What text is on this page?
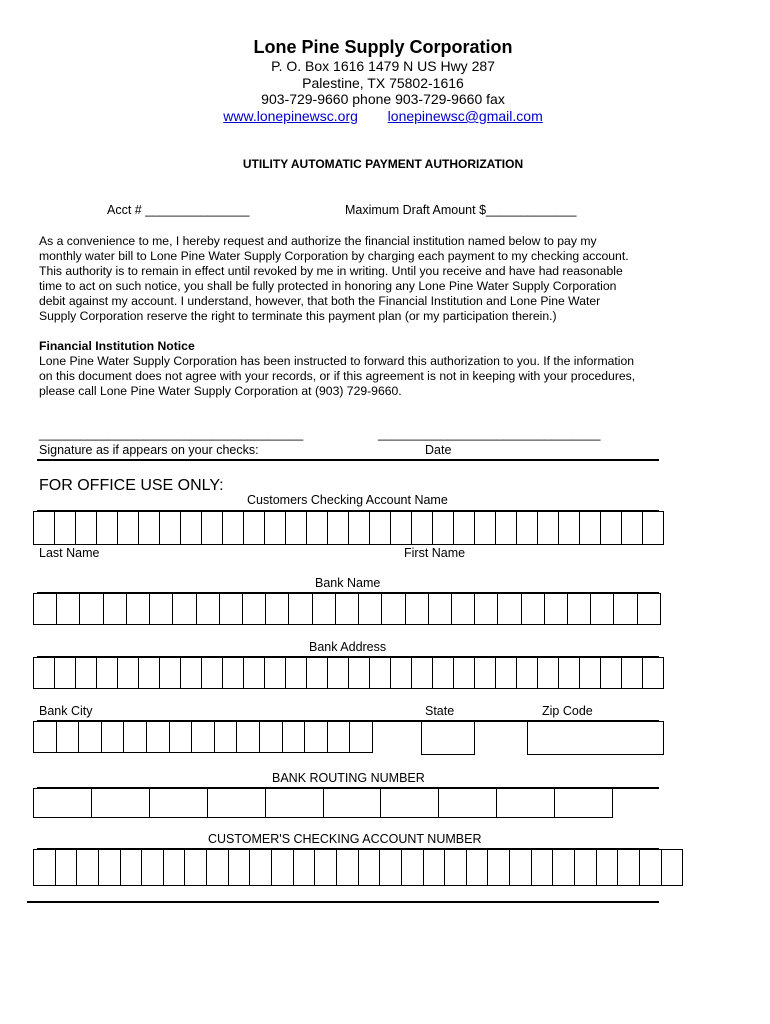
Lone Pine Supply Corporation
P. O. Box 1616 1479 N US Hwy 287
Palestine, TX 75802-1616
903-729-9660 phone 903-729-9660 fax
www.lonepinewsc.org lonepinewsc@gmail.com
UTILITY AUTOMATIC PAYMENT AUTHORIZATION
Acct # _______________	Maximum Draft Amount $_____________
As a convenience to me, I hereby request and authorize the financial institution named below to pay my
monthly water bill to Lone Pine Water Supply Corporation by charging each payment to my checking account.
This authority is to remain in effect until revoked by me in writing. Until you receive and have had reasonable
time to act on such notice, you shall be fully protected in honoring any Lone Pine Water Supply Corporation
debit against my account. I understand, however, that both the Financial Institution and Lone Pine Water
Supply Corporation reserve the right to terminate this payment plan (or my participation therein.)
Financial Institution Notice
Lone Pine Water Supply Corporation has been instructed to forward this authorization to you. If the information
on this document does not agree with your records, or if this agreement is not in keeping with your procedures,
please call Lone Pine Water Supply Corporation at (903) 729-9660.
______________________________________	________________________________
Signature as if appears on your checks:	Date
FOR OFFICE USE ONLY:
Customers Checking Account Name
Last Name	First Name
Bank Name
Bank Address
Bank City	State	Zip Code
BANK ROUTING NUMBER
CUSTOMER'S CHECKING ACCOUNT NUMBER
